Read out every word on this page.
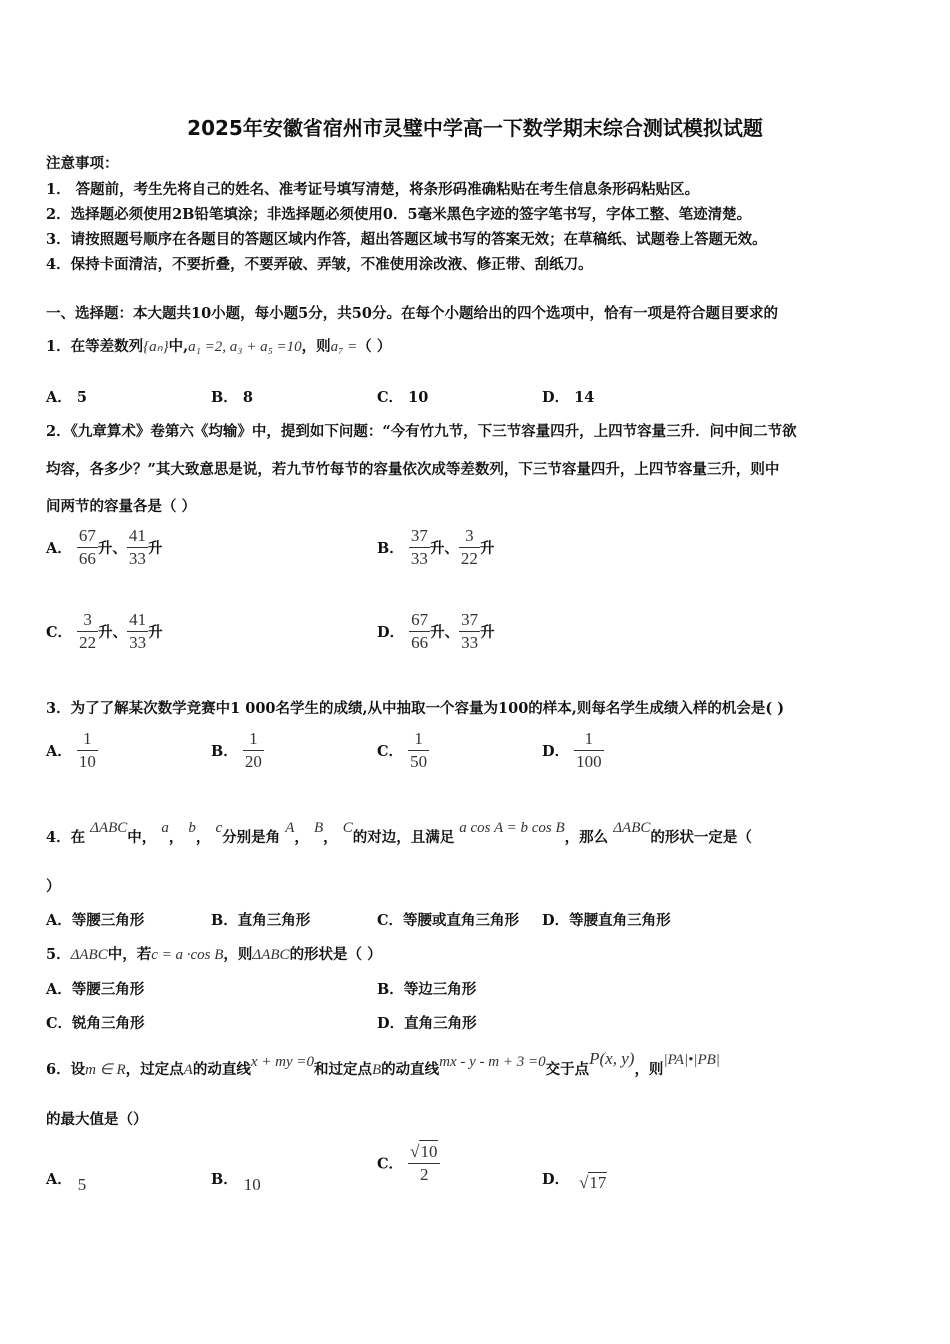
2025年安徽省宿州市灵璧中学高一下数学期末综合测试模拟试题
注意事项：
1． 答题前，考生先将自己的姓名、准考证号填写清楚，将条形码准确粘贴在考生信息条形码粘贴区。
2．选择题必须使用2B铅笔填涂；非选择题必须使用0．5毫米黑色字迹的签字笔书写，字体工整、笔迹清楚。
3．请按照题号顺序在各题目的答题区域内作答，超出答题区域书写的答案无效；在草稿纸、试题卷上答题无效。
4．保持卡面清洁，不要折叠，不要弄破、弄皱，不准使用涂改液、修正带、刮纸刀。
一、选择题：本大题共10小题，每小题5分，共50分。在每个小题给出的四个选项中，恰有一项是符合题目要求的
1．在等差数列{aₙ}中,a₁ =2, a₃ + a₅ =10，则a₇ =（ ）
A． 5	B． 8	C． 10	D． 14
2．《九章算术》卷第六《均输》中，提到如下问题：“今有竹九节，下三节容量四升，上四节容量三升．问中间二节欲
均容，各多少？”其大致意思是说，若九节竹每节的容量依次成等差数列，下三节容量四升，上四节容量三升，则中
间两节的容量各是（ ）
A． $\frac{67}{66}$ 升、 $\frac{41}{33}$ 升	B． $\frac{37}{33}$ 升、 $\frac{3}{22}$ 升
C． $\frac{3}{22}$ 升、 $\frac{41}{33}$ 升	D． $\frac{67}{66}$ 升、 $\frac{37}{33}$ 升
3．为了了解某次数学竞赛中1 000名学生的成绩,从中抽取一个容量为100的样本,则每名学生成绩入样的机会是( )
A． $\frac{1}{10}$	B． $\frac{1}{20}$	C． $\frac{1}{50}$	D． $\frac{1}{100}$
4．在 ΔABC中， a， b， c分别是角 A， B， C的对边，且满足 a cos A = b cos B，那么 ΔABC的形状一定是（
）
A．等腰三角形	B．直角三角形	C．等腰或直角三角形 D．等腰直角三角形
5．ΔABC中，若c = a ·cos B，则ΔABC的形状是（ ）
A．等腰三角形	B．等边三角形
C．锐角三角形	D．直角三角形
6．设m ∈ R，过定点A的动直线x + my =0和过定点B的动直线mx - y - m + 3 =0交于点P(x, y)，则|PA|•|PB|
的最大值是（）
A． 5	B． 10
C． $\frac{√10}{2}$	D． √17
